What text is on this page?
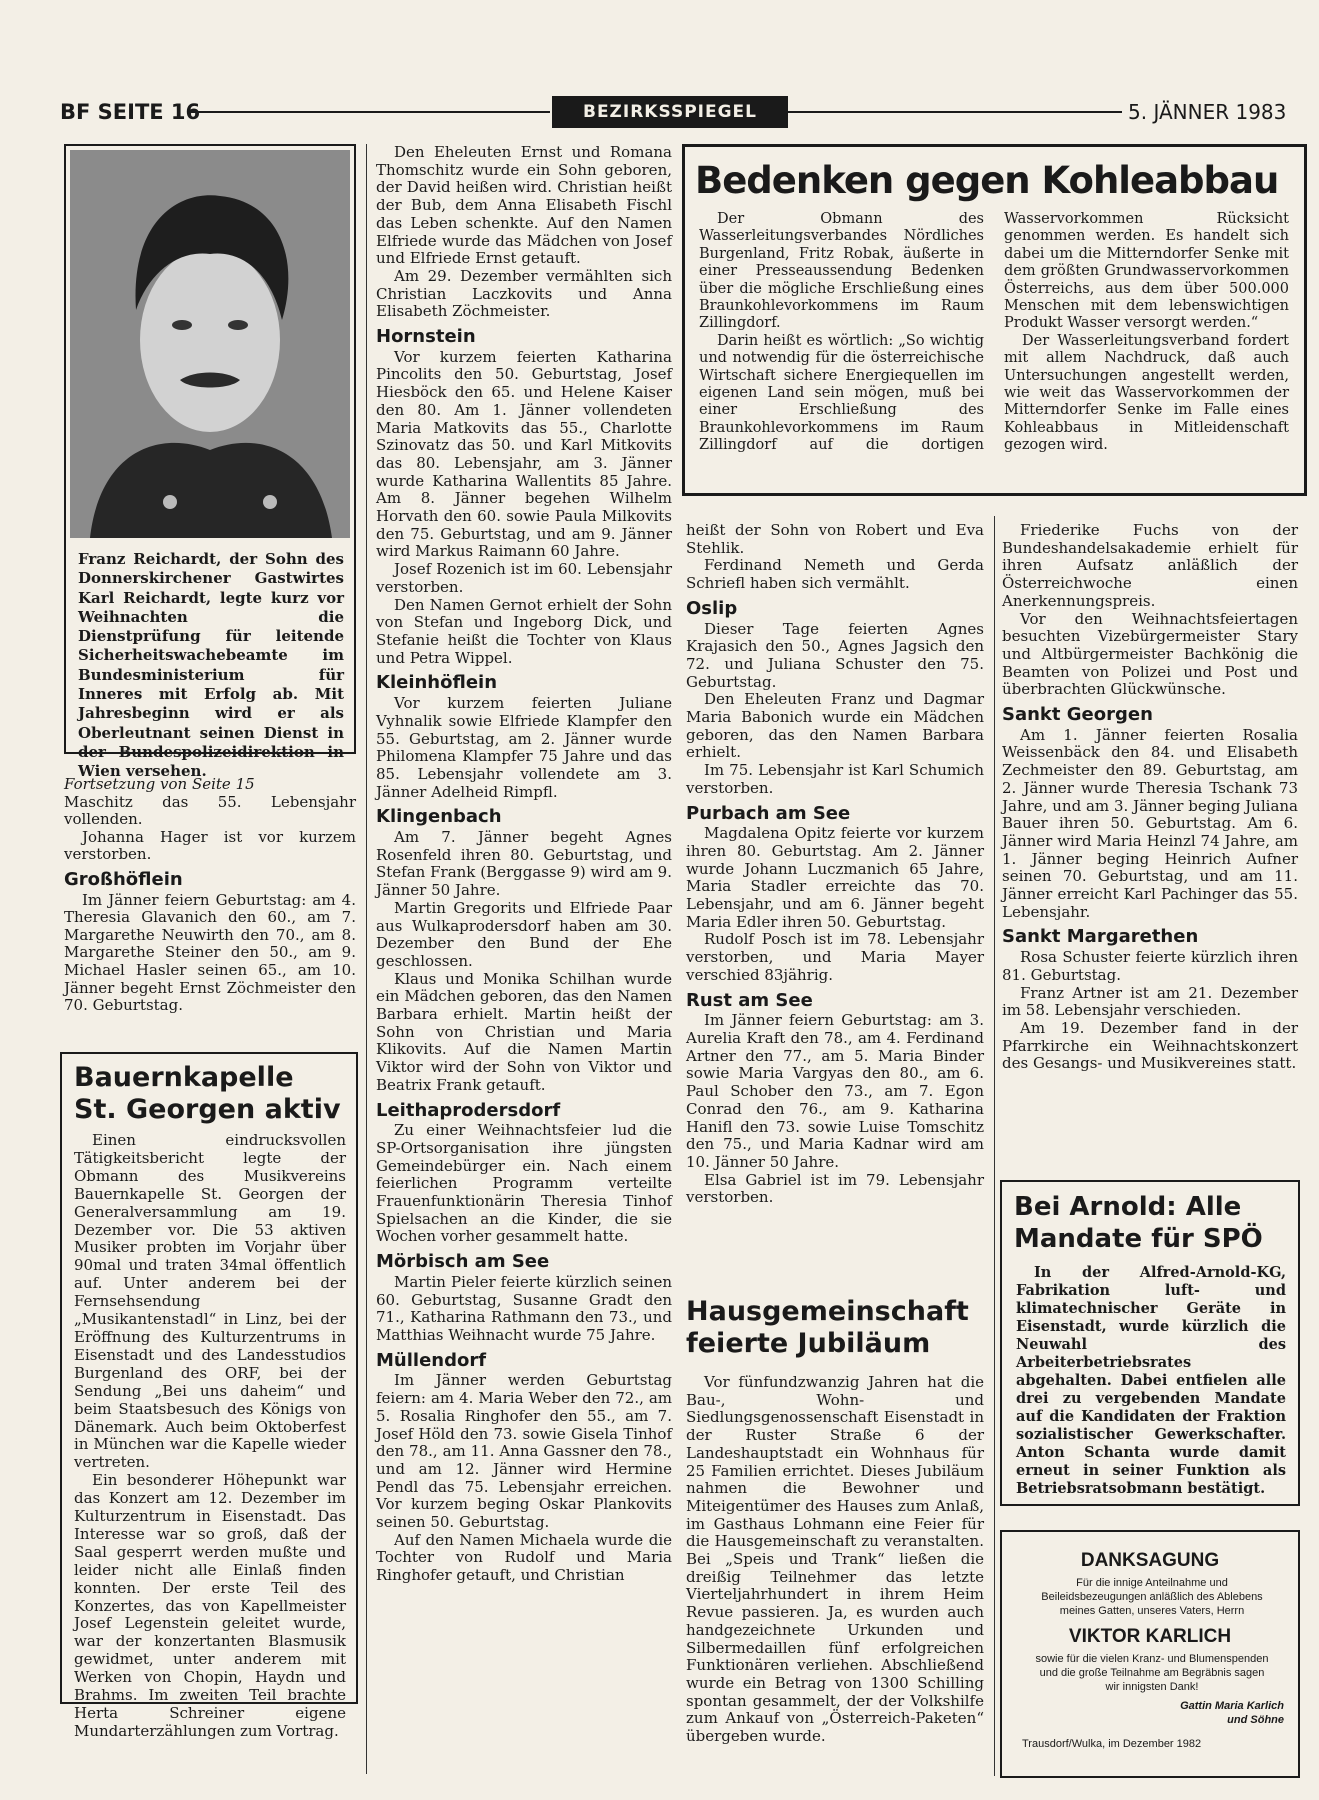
BF SEITE 16	BEZIRKSSPIEGEL	5. JÄNNER 1983
Franz Reichardt, der Sohn des Donnerskirchener Gastwirtes Karl Reichardt, legte kurz vor Weihnachten die Dienstprüfung für leitende Sicherheitswachebeamte im Bundesministerium für Inneres mit Erfolg ab. Mit Jahresbeginn wird er als Oberleutnant seinen Dienst in der Bundespolizeidirektion in Wien versehen.

Fortsetzung von Seite 15

Maschitz das 55. Lebensjahr vollenden.

Johanna Hager ist vor kurzem verstorben.

Großhöflein

Im Jänner feiern Geburtstag: am 4. Theresia Glavanich den 60., am 7. Margarethe Neuwirth den 70., am 8. Margarethe Steiner den 50., am 9. Michael Hasler seinen 65., am 10. Jänner begeht Ernst Zöchmeister den 70. Geburtstag.

Bauernkapelle
St. Georgen aktiv

Einen eindrucksvollen Tätigkeitsbericht legte der Obmann des Musikvereins Bauernkapelle St. Georgen der Generalversammlung am 19. Dezember vor. Die 53 aktiven Musiker probten im Vorjahr über 90mal und traten 34mal öffentlich auf. Unter anderem bei der Fernsehsendung „Musikantenstadl“ in Linz, bei der Eröffnung des Kulturzentrums in Eisenstadt und des Landesstudios Burgenland des ORF, bei der Sendung „Bei uns daheim“ und beim Staatsbesuch des Königs von Dänemark. Auch beim Oktoberfest in München war die Kapelle wieder vertreten.

Ein besonderer Höhepunkt war das Konzert am 12. Dezember im Kulturzentrum in Eisenstadt. Das Interesse war so groß, daß der Saal gesperrt werden mußte und leider nicht alle Einlaß finden konnten. Der erste Teil des Konzertes, das von Kapellmeister Josef Legenstein geleitet wurde, war der konzertanten Blasmusik gewidmet, unter anderem mit Werken von Chopin, Haydn und Brahms. Im zweiten Teil brachte Herta Schreiner eigene Mundarterzählungen zum Vortrag.

Den Eheleuten Ernst und Romana Thomschitz wurde ein Sohn geboren, der David heißen wird. Christian heißt der Bub, dem Anna Elisabeth Fischl das Leben schenkte. Auf den Namen Elfriede wurde das Mädchen von Josef und Elfriede Ernst getauft.

Am 29. Dezember vermählten sich Christian Laczkovits und Anna Elisabeth Zöchmeister.

Hornstein

Vor kurzem feierten Katharina Pincolits den 50. Geburtstag, Josef Hiesböck den 65. und Helene Kaiser den 80. Am 1. Jänner vollendeten Maria Matkovits das 55., Charlotte Szinovatz das 50. und Karl Mitkovits das 80. Lebensjahr, am 3. Jänner wurde Katharina Wallentits 85 Jahre. Am 8. Jänner begehen Wilhelm Horvath den 60. sowie Paula Milkovits den 75. Geburtstag, und am 9. Jänner wird Markus Raimann 60 Jahre.

Josef Rozenich ist im 60. Lebensjahr verstorben.

Den Namen Gernot erhielt der Sohn von Stefan und Ingeborg Dick, und Stefanie heißt die Tochter von Klaus und Petra Wippel.

Kleinhöflein

Vor kurzem feierten Juliane Vyhnalik sowie Elfriede Klampfer den 55. Geburtstag, am 2. Jänner wurde Philomena Klampfer 75 Jahre und das 85. Lebensjahr vollendete am 3. Jänner Adelheid Rimpfl.

Klingenbach

Am 7. Jänner begeht Agnes Rosenfeld ihren 80. Geburtstag, und Stefan Frank (Berggasse 9) wird am 9. Jänner 50 Jahre.

Martin Gregorits und Elfriede Paar aus Wulkaprodersdorf haben am 30. Dezember den Bund der Ehe geschlossen.

Klaus und Monika Schilhan wurde ein Mädchen geboren, das den Namen Barbara erhielt. Martin heißt der Sohn von Christian und Maria Klikovits. Auf die Namen Martin Viktor wird der Sohn von Viktor und Beatrix Frank getauft.

Leithaprodersdorf

Zu einer Weihnachtsfeier lud die SP-Ortsorganisation ihre jüngsten Gemeindebürger ein. Nach einem feierlichen Programm verteilte Frauenfunktionärin Theresia Tinhof Spielsachen an die Kinder, die sie Wochen vorher gesammelt hatte.

Mörbisch am See

Martin Pieler feierte kürzlich seinen 60. Geburtstag, Susanne Gradt den 71., Katharina Rathmann den 73., und Matthias Weihnacht wurde 75 Jahre.

Müllendorf

Im Jänner werden Geburtstag feiern: am 4. Maria Weber den 72., am 5. Rosalia Ringhofer den 55., am 7. Josef Höld den 73. sowie Gisela Tinhof den 78., am 11. Anna Gassner den 78., und am 12. Jänner wird Hermine Pendl das 75. Lebensjahr erreichen. Vor kurzem beging Oskar Plankovits seinen 50. Geburtstag.

Auf den Namen Michaela wurde die Tochter von Rudolf und Maria Ringhofer getauft, und Christian

Bedenken gegen Kohleabbau

Der Obmann des Wasserleitungsverbandes Nördliches Burgenland, Fritz Robak, äußerte in einer Presseaussendung Bedenken über die mögliche Erschließung eines Braunkohlevorkommens im Raum Zillingdorf.

Darin heißt es wörtlich: „So wichtig und notwendig für die österreichische Wirtschaft sichere Energiequellen im eigenen Land sein mögen, muß bei einer Erschließung des Braunkohlevorkommens im Raum Zillingdorf auf die dortigen Wasservorkommen Rücksicht genommen werden. Es handelt sich dabei um die Mitterndorfer Senke mit dem größten Grundwasservorkommen Österreichs, aus dem über 500.000 Menschen mit dem lebenswichtigen Produkt Wasser versorgt werden.“

Der Wasserleitungsverband fordert mit allem Nachdruck, daß auch Untersuchungen angestellt werden, wie weit das Wasservorkommen der Mitterndorfer Senke im Falle eines Kohleabbaus in Mitleidenschaft gezogen wird.

heißt der Sohn von Robert und Eva Stehlik.

Ferdinand Nemeth und Gerda Schriefl haben sich vermählt.

Oslip

Dieser Tage feierten Agnes Krajasich den 50., Agnes Jagsich den 72. und Juliana Schuster den 75. Geburtstag.

Den Eheleuten Franz und Dagmar Maria Babonich wurde ein Mädchen geboren, das den Namen Barbara erhielt.

Im 75. Lebensjahr ist Karl Schumich verstorben.

Purbach am See

Magdalena Opitz feierte vor kurzem ihren 80. Geburtstag. Am 2. Jänner wurde Johann Luczmanich 65 Jahre, Maria Stadler erreichte das 70. Lebensjahr, und am 6. Jänner begeht Maria Edler ihren 50. Geburtstag.

Rudolf Posch ist im 78. Lebensjahr verstorben, und Maria Mayer verschied 83jährig.

Rust am See

Im Jänner feiern Geburtstag: am 3. Aurelia Kraft den 78., am 4. Ferdinand Artner den 77., am 5. Maria Binder sowie Maria Vargyas den 80., am 6. Paul Schober den 73., am 7. Egon Conrad den 76., am 9. Katharina Hanifl den 73. sowie Luise Tomschitz den 75., und Maria Kadnar wird am 10. Jänner 50 Jahre.

Elsa Gabriel ist im 79. Lebensjahr verstorben.

Hausgemeinschaft
feierte Jubiläum

Vor fünfundzwanzig Jahren hat die Bau-, Wohn- und Siedlungsgenossenschaft Eisenstadt in der Ruster Straße 6 der Landeshauptstadt ein Wohnhaus für 25 Familien errichtet. Dieses Jubiläum nahmen die Bewohner und Miteigentümer des Hauses zum Anlaß, im Gasthaus Lohmann eine Feier für die Hausgemeinschaft zu veranstalten. Bei „Speis und Trank“ ließen die dreißig Teilnehmer das letzte Vierteljahrhundert in ihrem Heim Revue passieren. Ja, es wurden auch handgezeichnete Urkunden und Silbermedaillen fünf erfolgreichen Funktionären verliehen. Abschließend wurde ein Betrag von 1300 Schilling spontan gesammelt, der der Volkshilfe zum Ankauf von „Österreich-Paketen“ übergeben wurde.

Friederike Fuchs von der Bundeshandelsakademie erhielt für ihren Aufsatz anläßlich der Österreichwoche einen Anerkennungspreis.

Vor den Weihnachtsfeiertagen besuchten Vizebürgermeister Stary und Altbürgermeister Bachkönig die Beamten von Polizei und Post und überbrachten Glückwünsche.

Sankt Georgen

Am 1. Jänner feierten Rosalia Weissenbäck den 84. und Elisabeth Zechmeister den 89. Geburtstag, am 2. Jänner wurde Theresia Tschank 73 Jahre, und am 3. Jänner beging Juliana Bauer ihren 50. Geburtstag. Am 6. Jänner wird Maria Heinzl 74 Jahre, am 1. Jänner beging Heinrich Aufner seinen 70. Geburtstag, und am 11. Jänner erreicht Karl Pachinger das 55. Lebensjahr.

Sankt Margarethen

Rosa Schuster feierte kürzlich ihren 81. Geburtstag.

Franz Artner ist am 21. Dezember im 58. Lebensjahr verschieden.

Am 19. Dezember fand in der Pfarrkirche ein Weihnachtskonzert des Gesangs- und Musikvereines statt.

Bei Arnold: Alle
Mandate für SPÖ

In der Alfred-Arnold-KG, Fabrikation luft- und klimatechnischer Geräte in Eisenstadt, wurde kürzlich die Neuwahl des Arbeiterbetriebsrates abgehalten. Dabei entfielen alle drei zu vergebenden Mandate auf die Kandidaten der Fraktion sozialistischer Gewerkschafter. Anton Schanta wurde damit erneut in seiner Funktion als Betriebsratsobmann bestätigt.

DANKSAGUNG
Für die innige Anteilnahme und Beileidsbezeugungen anläßlich des Ablebens meines Gatten, unseres Vaters, Herrn
VIKTOR KARLICH
sowie für die vielen Kranz- und Blumenspenden und die große Teilnahme am Begräbnis sagen wir innigsten Dank!
Gattin Maria Karlich
und Söhne
Trausdorf/Wulka, im Dezember 1982
